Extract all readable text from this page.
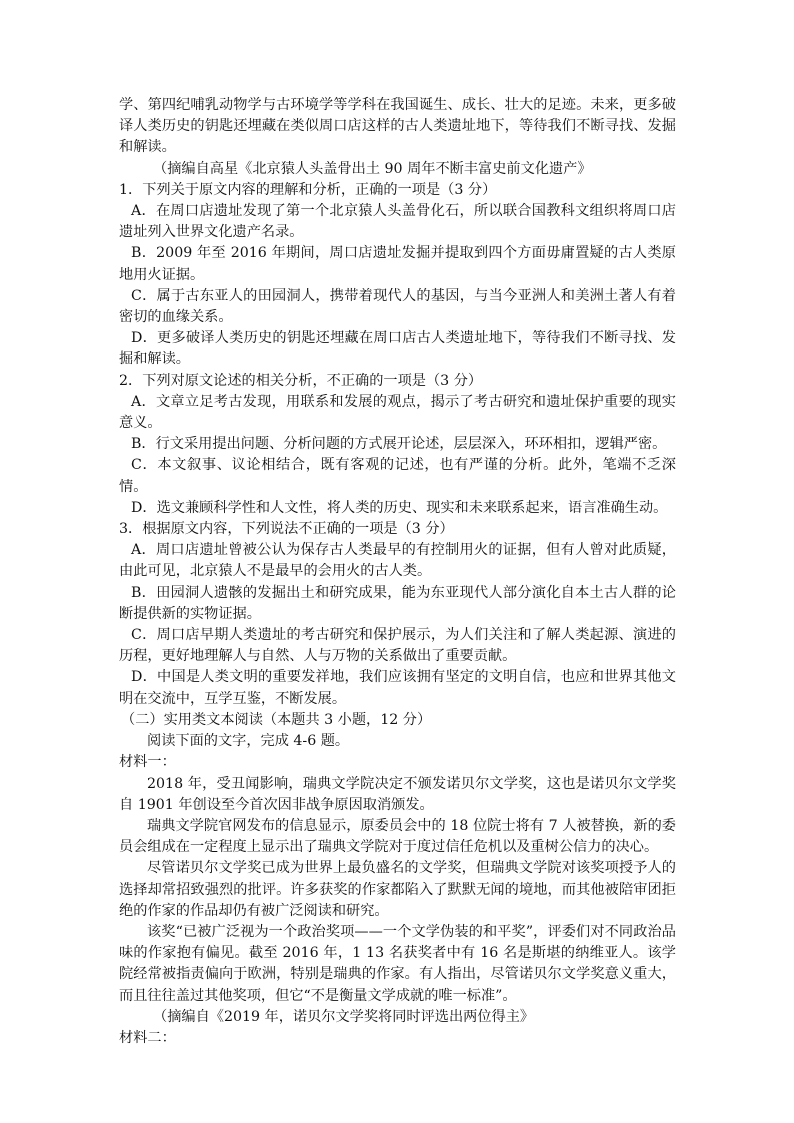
学、第四纪哺乳动物学与古环境学等学科在我国诞生、成长、壮大的足迹。未来，更多破译人类历史的钥匙还埋藏在类似周口店这样的古人类遗址地下，等待我们不断寻找、发掘和解读。

（摘编自高星《北京猿人头盖骨出土 90 周年不断丰富史前文化遗产》

1．下列关于原文内容的理解和分析，正确的一项是（3 分）

A．在周口店遗址发现了第一个北京猿人头盖骨化石，所以联合国教科文组织将周口店遗址列入世界文化遗产名录。

B．2009 年至 2016 年期间，周口店遗址发掘并提取到四个方面毋庸置疑的古人类原地用火证据。

C．属于古东亚人的田园洞人，携带着现代人的基因，与当今亚洲人和美洲土著人有着密切的血缘关系。

D．更多破译人类历史的钥匙还埋藏在周口店古人类遗址地下，等待我们不断寻找、发掘和解读。

2．下列对原文论述的相关分析，不正确的一项是（3 分）

A．文章立足考古发现，用联系和发展的观点，揭示了考古研究和遗址保护重要的现实意义。

B．行文采用提出问题、分析问题的方式展开论述，层层深入，环环相扣，逻辑严密。

C．本文叙事、议论相结合，既有客观的记述，也有严谨的分析。此外，笔端不乏深情。

D．选文兼顾科学性和人文性，将人类的历史、现实和未来联系起来，语言准确生动。

3．根据原文内容，下列说法不正确的一项是（3 分）

A．周口店遗址曾被公认为保存古人类最早的有控制用火的证据，但有人曾对此质疑，由此可见，北京猿人不是最早的会用火的古人类。

B．田园洞人遗骸的发掘出土和研究成果，能为东亚现代人部分演化自本土古人群的论断提供新的实物证据。

C．周口店早期人类遗址的考古研究和保护展示，为人们关注和了解人类起源、演进的历程，更好地理解人与自然、人与万物的关系做出了重要贡献。

D．中国是人类文明的重要发祥地，我们应该拥有坚定的文明自信，也应和世界其他文明在交流中，互学互鉴，不断发展。

（二）实用类文本阅读（本题共 3 小题，12 分）

阅读下面的文字，完成 4-6 题。

材料一：

2018 年，受丑闻影响，瑞典文学院决定不颁发诺贝尔文学奖，这也是诺贝尔文学奖自 1901 年创设至今首次因非战争原因取消颁发。

瑞典文学院官网发布的信息显示，原委员会中的 18 位院士将有 7 人被替换，新的委员会组成在一定程度上显示出了瑞典文学院对于度过信任危机以及重树公信力的决心。

尽管诺贝尔文学奖已成为世界上最负盛名的文学奖，但瑞典文学院对该奖项授予人的选择却常招致强烈的批评。许多获奖的作家都陷入了默默无闻的境地，而其他被陪审团拒绝的作家的作品却仍有被广泛阅读和研究。

该奖“已被广泛视为一个政治奖项——一个文学伪装的和平奖”，评委们对不同政治品味的作家抱有偏见。截至 2016 年，1 13 名获奖者中有 16 名是斯堪的纳维亚人。该学院经常被指责偏向于欧洲，特别是瑞典的作家。有人指出，尽管诺贝尔文学奖意义重大，而且往往盖过其他奖项，但它“不是衡量文学成就的唯一标准”。

（摘编自《2019 年，诺贝尔文学奖将同时评选出两位得主》

材料二：
